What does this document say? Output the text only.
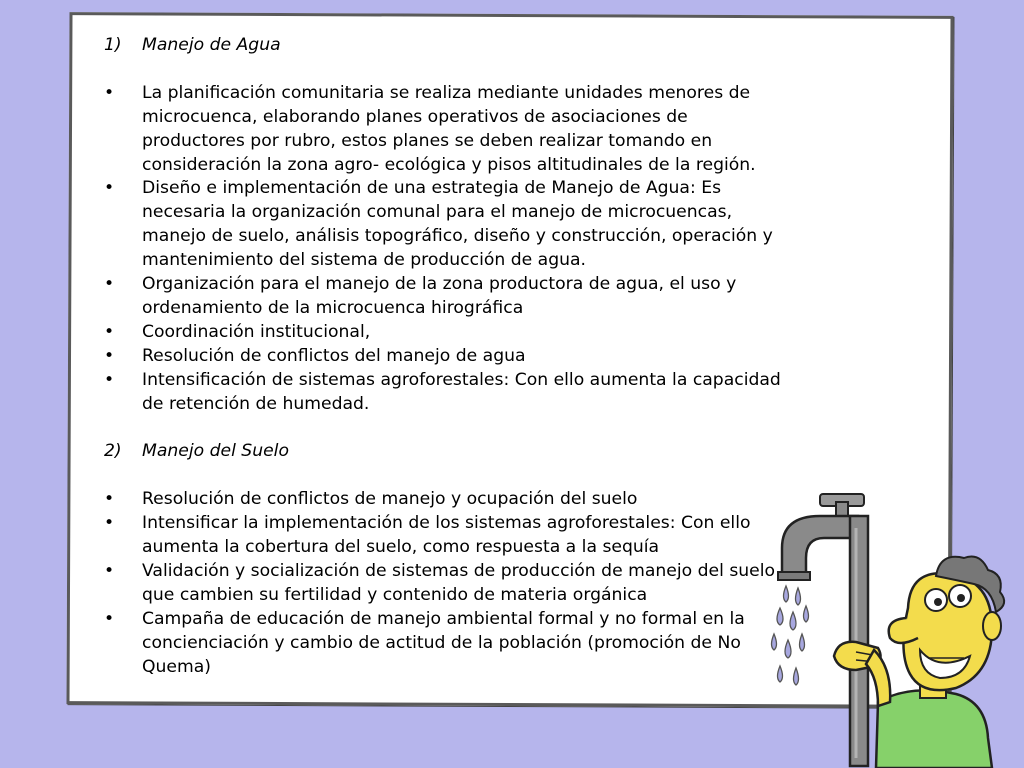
1)	Manejo de Agua
•	La planificación comunitaria se realiza mediante unidades menores de microcuenca, elaborando planes operativos de asociaciones de productores por rubro, estos planes se deben realizar tomando en consideración la zona agro- ecológica y pisos altitudinales de la región.
•	Diseño e implementación de una estrategia de Manejo de Agua: Es necesaria la organización comunal para el manejo de microcuencas, manejo de suelo, análisis topográfico, diseño y construcción, operación y mantenimiento del sistema de producción de agua.
•	Organización para el manejo de la zona productora de agua, el uso y ordenamiento de la microcuenca hirográfica
•	Coordinación institucional,
•	Resolución de conflictos del manejo de agua
•	Intensificación de sistemas agroforestales: Con ello aumenta la capacidad de retención de humedad.
2)	Manejo del Suelo
•	Resolución de conflictos de manejo y ocupación del suelo
•	Intensificar la implementación de los sistemas agroforestales: Con ello aumenta la cobertura del suelo, como respuesta a la sequía
•	Validación y socialización de sistemas de producción de manejo del suelo que cambien su fertilidad y contenido de materia orgánica
•	Campaña de educación de manejo ambiental formal y no formal en la concienciación y cambio de actitud de la población (promoción de No Quema)
